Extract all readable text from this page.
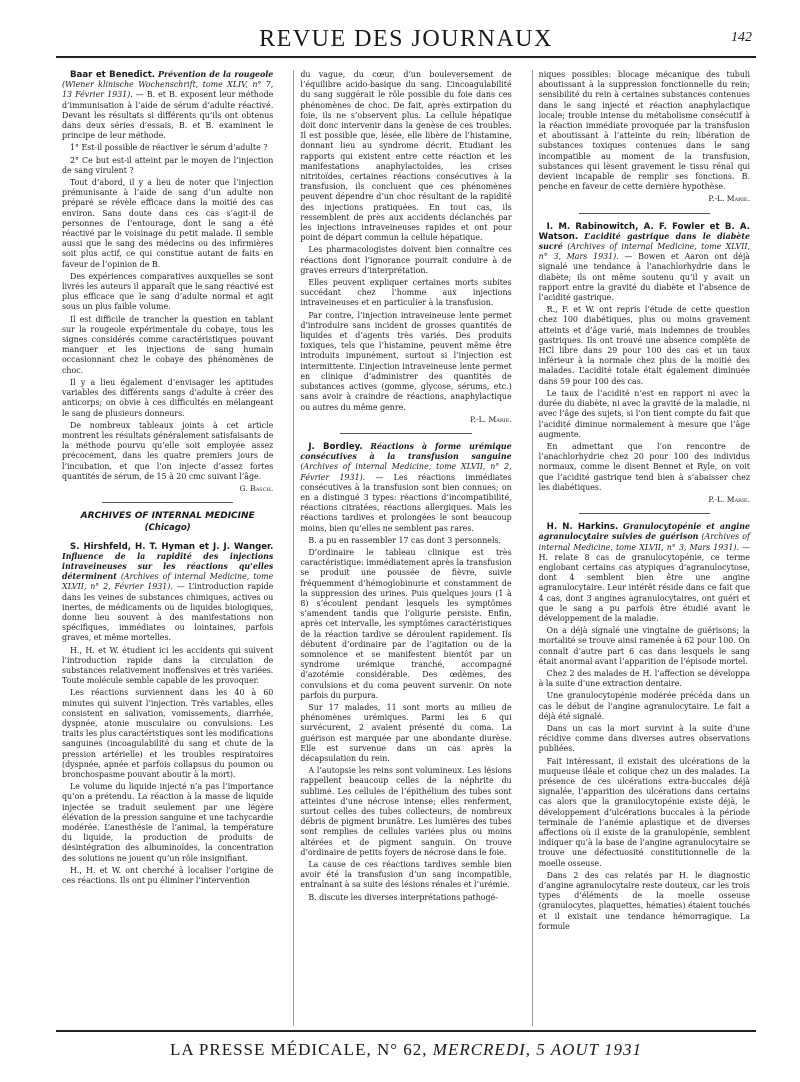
REVUE DES JOURNAUX	142

Baar et Benedict. Prévention de la rougeole (Wiener klinische Wochenschrift, tome XLIV, n° 7, 13 Février 1931). — B. et B. exposent leur méthode d’immunisation à l’aide de sérum d’adulte réactivé. Devant les résultats si différents qu’ils ont obtenus dans deux séries d’essais, B. et B. examinent le principe de leur méthode.

1° Est-il possible de réactiver le sérum d’adulte ?

2° Ce but est-il atteint par le moyen de l’injection de sang virulent ?

Tout d’abord, il y a lieu de noter que l’injection prémunisante à l’aide de sang d’un adulte non préparé se révèle efficace dans la moitié des cas environ. Sans doute dans ces cas s’agit-il de personnes de l’entourage, dont le sang a été réactivé par le voisinage du petit malade. Il semble aussi que le sang des médecins ou des infirmières soit plus actif, ce qui constitue autant de faits en faveur de l’opinion de B.

Des expériences comparatives auxquelles se sont livrés les auteurs il apparaît que le sang réactivé est plus efficace que le sang d’adulte normal et agit sous un plus faible volume.

Il est difficile de trancher la question en tablant sur la rougeole expérimentale du cobaye, tous les signes considérés comme caractéristiques pouvant manquer et les injections de sang humain occasionnant chez le cobaye des phénomènes de choc.

Il y a lieu également d’envisager les aptitudes variables des différents sangs d’adulte à créer des anticorps; on obvie à ces difficultés en mélangeant le sang de plusieurs donneurs.

De nombreux tableaux joints à cet article montrent les résultats généralement satisfaisants de la méthode pourvu qu’elle soit employée assez précocement, dans les quatre premiers jours de l’incubation, et que l’on injecte d’assez fortes quantités de sérum, de 15 à 20 cmc suivant l’âge.

G. Basch.

ARCHIVES OF INTERNAL MEDICINE

(Chicago)

S. Hirshfeld, H. T. Hyman et J. J. Wanger. Influence de la rapidité des injections intraveineuses sur les réactions qu’elles déterminent (Archives of internal Medicine, tome XLVII, n° 2, Février 1931). — L’introduction rapide dans les veines de substances chimiques, actives ou inertes, de médicaments ou de liquides biologiques, donne lieu souvent à des manifestations non spécifiques, immédiates ou lointaines, parfois graves, et même mortelles.

H., H. et W. étudient ici les accidents qui suivent l’introduction rapide dans la circulation de substances relativement inoffensives et très variées. Toute molécule semble capable de les provoquer.

Les réactions surviennent dans les 40 à 60 minutes qui suivent l’injection. Très variables, elles consistent en salivation, vomissements, diarrhée, dyspnée, atonie musculaire ou convulsions. Les traits les plus caractéristiques sont les modifications sanguines (incoagulabilité du sang et chute de la pression artérielle) et les troubles respiratoires (dyspnée, apnée et parfois collapsus du poumon ou bronchospasme pouvant aboutir à la mort).

Le volume du liquide injecté n’a pas l’importance qu’on a prétendu. La réaction à la masse de liquide injectée se traduit seulement par une légère élévation de la pression sanguine et une tachycardie modérée. L’anesthésie de l’animal, la température du liquide, la production de produits de désintégration des albuminoïdes, la concentration des solutions ne jouent qu’un rôle insignifiant.

H., H. et W. ont cherché à localiser l’origine de ces réactions. Ils ont pu éliminer l’intervention

du vague, du cœur, d’un bouleversement de l’équilibre acido-basique du sang. L’incoagulabilité du sang suggérait le rôle possible du foie dans ces phénomènes de choc. De fait, après extirpation du foie, ils ne s’observent plus. La cellule hépatique doit donc intervenir dans la genèse de ces troubles. Il est possible que, lésée, elle libère de l’histamine, donnant lieu au syndrome décrit. Etudiant les rapports qui existent entre cette réaction et les manifestations anaphylactoïdes, les crises nitritoïdes, certaines réactions consécutives à la transfusion, ils concluent que ces phénomènes peuvent dépendre d’un choc résultant de la rapidité des injections pratiquées. En tout cas, ils ressemblent de près aux accidents déclanchés par les injections intraveineuses rapides et ont pour point de départ commun la cellule hépatique.

Les pharmacologistes doivent bien connaître ces réactions dont l’ignorance pourrait conduire à de graves erreurs d’interprétation.

Elles peuvent expliquer certaines morts subites succédant chez l’homme aux injections intraveineuses et en particulier à la transfusion.

Par contre, l’injection intraveineuse lente permet d’introduire sans incident de grosses quantités de liquides et d’agents très variés. Des produits toxiques, tels que l’histamine, peuvent même être introduits impunément, surtout si l’injection est intermittente. L’injection intraveineuse lente permet en clinique d’administrer des quantités de substances actives (gomme, glycose, sérums, etc.) sans avoir à craindre de réactions, anaphylactique ou autres du même genre.

P.-L. Marie.

J. Bordley. Réactions à forme urémique consécutives à la transfusion sanguine (Archives of internal Medicine, tome XLVII, n° 2, Février 1931). — Les réactions immédiates consécutives à la transfusion sont bien connues; on en a distingué 3 types: réactions d’incompatibilité, réactions citratées, réactions allergiques. Mais les réactions tardives et prolongées le sont beaucoup moins, bien qu’elles ne semblent pas rares.

B. a pu en rassembler 17 cas dont 3 personnels.

D’ordinaire le tableau clinique est très caractéristique: immédiatement après la transfusion se produit une poussée de fièvre, suivie fréquemment d’hémoglobinurie et constamment de la suppression des urines. Puis quelques jours (1 à 8) s’écoulent pendant lesquels les symptômes s’amendent tandis que l’oligurie persiste. Enfin, après cet intervalle, les symptômes caractéristiques de la réaction tardive se déroulent rapidement. Ils débutent d’ordinaire par de l’agitation ou de la somnolence et se manifestent bientôt par un syndrome urémique tranché, accompagné d’azotémie considérable. Des œdèmes, des convulsions et du coma peuvent survenir. On note parfois du purpura.

Sur 17 malades, 11 sont morts au milieu de phénomènes urémiques. Parmi les 6 qui survécurent, 2 avaient présenté du coma. La guérison est marquée par une abondante diurèse. Elle est survenue dans un cas après la décapsulation du rein.

A l’autopsie les reins sont volumineux. Les lésions rappellent beaucoup celles de la néphrite du sublimé. Les cellules de l’épithélium des tubes sont atteintes d’une nécrose intense; elles renferment, surtout celles des tubes collecteurs, de nombreux débris de pigment brunâtre. Les lumières des tubes sont remplies de cellules variées plus ou moins altérées et de pigment sanguin. On trouve d’ordinaire de petits foyers de nécrose dans le foie.

La cause de ces réactions tardives semble bien avoir été la transfusion d’un sang incompatible, entraînant à sa suite des lésions rénales et l’urémie.

B. discute les diverses interprétations pathogé-

niques possibles: blocage mécanique des tubuli aboutissant à la suppression fonctionnelle du rein; sensibilité du rein à certaines substances contenues dans le sang injecté et réaction anaphylactique locale; trouble intense du métabolisme consécutif à la réaction immédiate provoquée par la transfusion et aboutissant à l’atteinte du rein; libération de substances toxiques contenues dans le sang incompatible au moment de la transfusion, substances qui lèsent gravement le tissu rénal qui devient incapable de remplir ses fonctions. B. penche en faveur de cette dernière hypothèse.

P.-L. Marie.

I. M. Rabinowitch, A. F. Fowler et B. A. Watson. L’acidité gastrique dans le diabète sucré (Archives of internal Medicine, tome XLVII, n° 3, Mars 1931). — Bowen et Aaron ont déjà signalé une tendance à l’anachlorhydrie dans le diabète; ils ont même soutenu qu’il y avait un rapport entre la gravité du diabète et l’absence de l’acidité gastrique.

R., F. et W. ont repris l’étude de cette question chez 100 diabétiques, plus ou moins gravement atteints et d’âge varié, mais indemnes de troubles gastriques. Ils ont trouvé une absence complète de HCl libre dans 29 pour 100 des cas et un taux inférieur à la normale chez plus de la moitié des malades. L’acidité totale était également diminuée dans 59 pour 100 des cas.

Le taux de l’acidité n’est en rapport ni avec la durée du diabète, ni avec la gravité de la maladie, ni avec l’âge des sujets, si l’on tient compte du fait que l’acidité diminue normalement à mesure que l’âge augmente.

En admettant que l’on rencontre de l’anachlorhydrie chez 20 pour 100 des individus normaux, comme le disent Bennet et Ryle, on voit que l’acidité gastrique tend bien à s’abaisser chez les diabétiques.

P.-L. Marie.

H. N. Harkins. Granulocytopénie et angine agranulocytaire suivies de guérison (Archives of internal Medicine, tome XLVII, n° 3, Mars 1931). — H. relate 8 cas de granulocytopénie, ce terme englobant certains cas atypiques d’agranulocytose, dont 4 semblent bien être une angine agranulocytaire. Leur intérêt réside dans ce fait que 4 cas, dont 3 angines agranulocytaires, ont guéri et que le sang a pu parfois être étudié avant le développement de la maladie.

On a déjà signalé une vingtaine de guérisons; la mortalité se trouve ainsi ramenée à 62 pour 100. On connaît d’autre part 6 cas dans lesquels le sang était anormal avant l’apparition de l’épisode mortel.

Chez 2 des malades de H. l’affection se développa à la suite d’une extraction dentaire.

Une granulocytopénie modérée précéda dans un cas le début de l’angine agranulocytaire. Le fait a déjà été signalé.

Dans un cas la mort survint à la suite d’une récidive comme dans diverses autres observations publiées.

Fait intéressant, il existait des ulcérations de la muqueuse iléale et colique chez un des malades. La présence de ces ulcérations extra-buccales déjà signalée, l’apparition des ulcérations dans certains cas alors que la granulocytopénie existe déjà, le développement d’ulcérations buccales à la période terminale de l’anémie aplastique et de diverses affections où il existe de la granulopénie, semblent indiquer qu’à la base de l’angine agranulocytaire se trouve une défectuosité constitutionnelle de la moelle osseuse.

Dans 2 des cas relatés par H. le diagnostic d’angine agranulocytaire reste douteux, car les trois types d’éléments de la moelle osseuse (granulocytes, plaquettes, hématies) étaient touchés et il existait une tendance hémorragique. La formule

LA PRESSE MÉDICALE, N° 62, MERCREDI, 5 AOUT 1931
